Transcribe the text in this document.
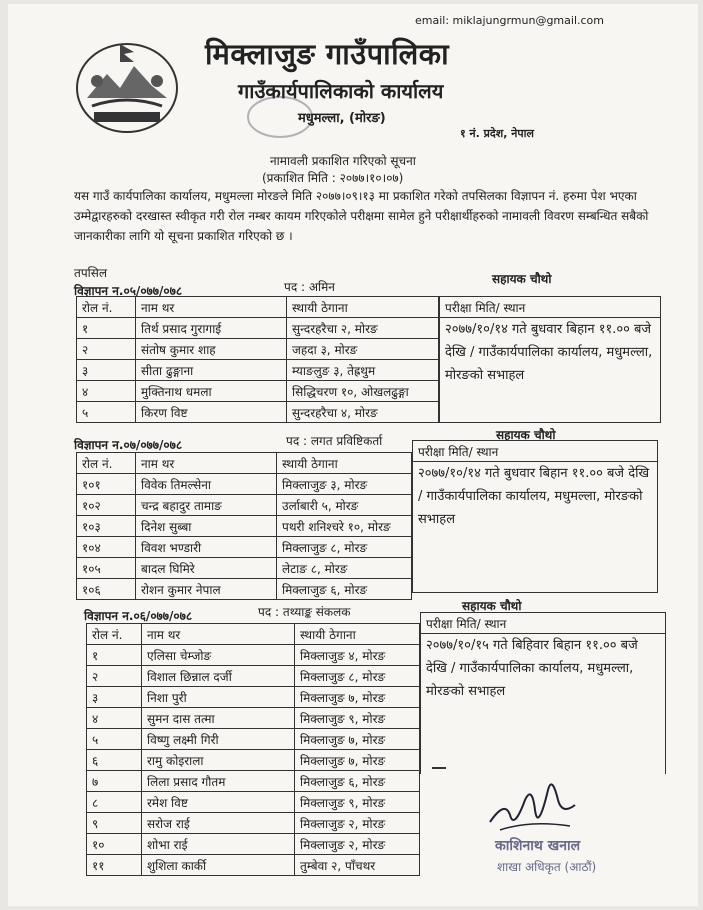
email: miklajungrmun@gmail.com
मिक्लाजुङ गाउँपालिका
गाउँकार्यपालिकाको कार्यालय
मधुमल्ला, (मोरङ)
१ नं. प्रदेश, नेपाल
नामावली प्रकाशित गरिएको सूचना
(प्रकाशित मिति : २०७७।१०।०७)
यस गाउँ कार्यपालिका कार्यालय, मधुमल्ला मोरङले मिति २०७७।०९।१३ मा प्रकाशित गरेको तपसिलका विज्ञापन नं. हरुमा पेश भएका उम्मेद्वारहरुको दरखास्त स्वीकृत गरी रोल नम्बर कायम गरिएकोले परीक्षमा सामेल हुने परीक्षार्थीहरुको नामावली विवरण सम्बन्धित सबैको जानकारीका लागि यो सूचना प्रकाशित गरिएको छ ।
तपसिल
विज्ञापन न.०५/०७७/०७८	पद : अमिन
सहायक चौथो
रोल नं.	नाम थर	स्थायी ठेगाना
१	तिर्थ प्रसाद गुरागाई	सुन्दरहरैचा २, मोरङ
२	संतोष कुमार शाह	जहदा ३, मोरङ
३	सीता ढुङ्गाना	म्याङलुङ ३, तेह्रथुम
४	मुक्तिनाथ धमला	सिद्धिचरण १०, ओखलढुङ्गा
५	किरण विष्ट	सुन्दरहरैचा ४, मोरङ
परीक्षा मिति/ स्थान

२०७७/१०/१४ गते बुधवार बिहान ११.०० बजे देखि / गाउँकार्यपालिका कार्यालय, मधुमल्ला, मोरङको सभाहल
विज्ञापन न.०७/०७७/०७८	पद : लगत प्रविष्टिकर्ता	सहायक चौथो
रोल नं.	नाम थर	स्थायी ठेगाना
१०१	विवेक तिमल्सेना	मिक्लाजुङ ३, मोरङ
१०२	चन्द्र बहादुर तामाङ	उर्लाबारी ५, मोरङ
१०३	दिनेश सुब्बा	पथरी शनिश्चरे १०, मोरङ
१०४	विवश भण्डारी	मिक्लाजुङ ८, मोरङ
१०५	बादल घिमिरे	लेटाङ ८, मोरङ
१०६	रोशन कुमार नेपाल	मिक्लाजुङ ६, मोरङ
परीक्षा मिति/ स्थान

२०७७/१०/१४ गते बुधवार बिहान ११.०० बजे देखि / गाउँकार्यपालिका कार्यालय, मधुमल्ला, मोरङको सभाहल
विज्ञापन न.०६/०७७/०७८	पद : तथ्याङ्क संकलक	सहायक चौथो
रोल नं.	नाम थर	स्थायी ठेगाना
१	एलिसा चेम्जोङ	मिक्लाजुङ ४, मोरङ
२	विशाल छिन्नाल दर्जी	मिक्लाजुङ ८, मोरङ
३	निशा पुरी	मिक्लाजुङ ७, मोरङ
४	सुमन दास तत्मा	मिक्लाजुङ ९, मोरङ
५	विष्णु लक्ष्मी गिरी	मिक्लाजुङ ७, मोरङ
६	रामु कोइराला	मिक्लाजुङ ७, मोरङ
७	लिला प्रसाद गौतम	मिक्लाजुङ ६, मोरङ
८	रमेश विष्ट	मिक्लाजुङ ९, मोरङ
९	सरोज राई	मिक्लाजुङ २, मोरङ
१०	शोभा राई	मिक्लाजुङ २, मोरङ
११	शुशिला कार्की	तुम्बेवा २, पाँचथर
परीक्षा मिति/ स्थान

२०७७/१०/१५ गते बिहिवार बिहान ११.०० बजे देखि / गाउँकार्यपालिका कार्यालय, मधुमल्ला, मोरङको सभाहल
काशिनाथ खनाल
शाखा अधिकृत (आठौं)
